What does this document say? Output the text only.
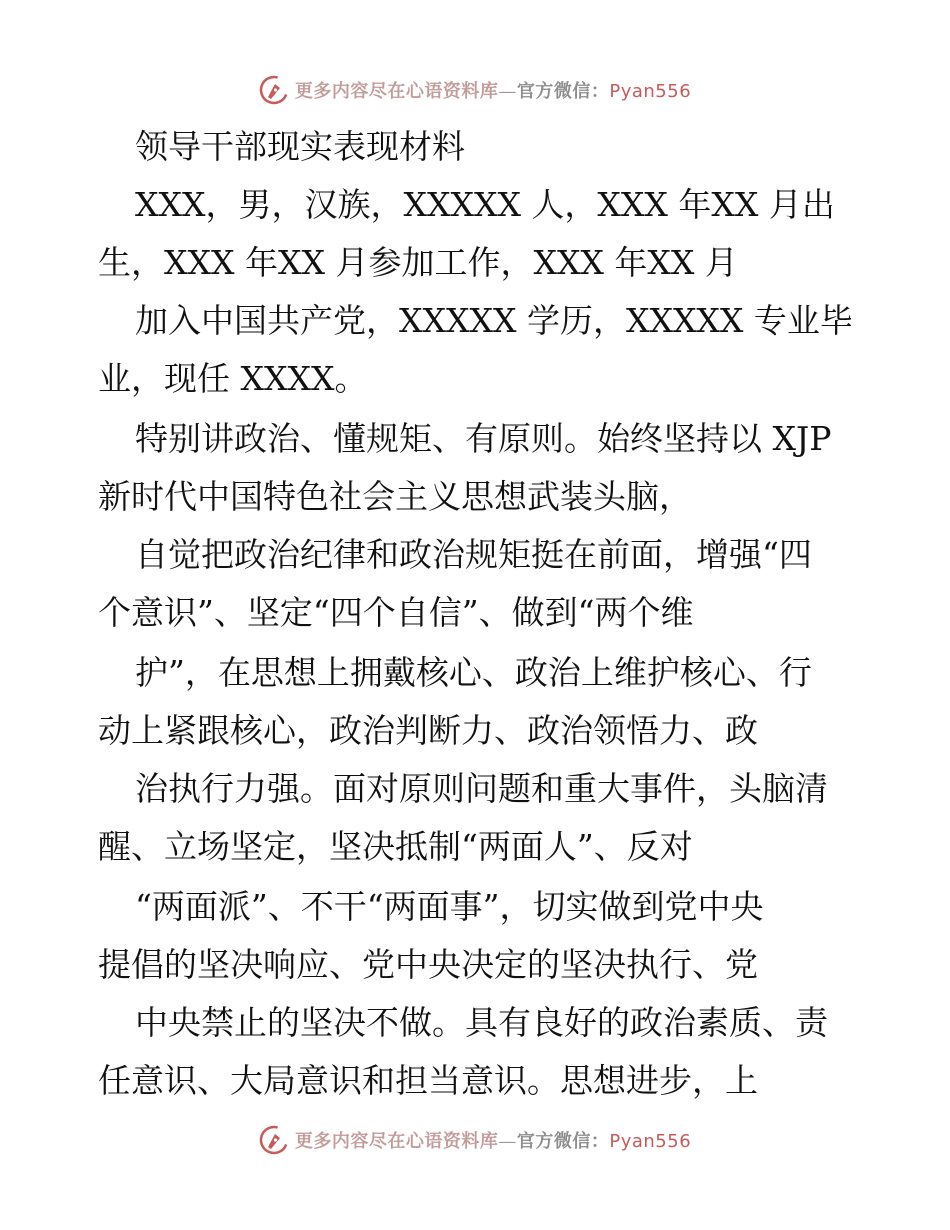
更多内容尽在心语资料库—官方微信：Pyan556
领导干部现实表现材料
XXX，男，汉族，XXXXX 人，XXX 年XX 月出
生，XXX 年XX 月参加工作，XXX 年XX 月
加入中国共产党，XXXXX 学历，XXXXX 专业毕
业，现任 XXXX。
特别讲政治、懂规矩、有原则。始终坚持以 XJP
新时代中国特色社会主义思想武装头脑，
自觉把政治纪律和政治规矩挺在前面，增强“四
个意识”、坚定“四个自信”、做到“两个维
护”，在思想上拥戴核心、政治上维护核心、行
动上紧跟核心，政治判断力、政治领悟力、政
治执行力强。面对原则问题和重大事件，头脑清
醒、立场坚定，坚决抵制“两面人”、反对
“两面派”、不干“两面事”，切实做到党中央
提倡的坚决响应、党中央决定的坚决执行、党
中央禁止的坚决不做。具有良好的政治素质、责
任意识、大局意识和担当意识。思想进步，上
更多内容尽在心语资料库—官方微信：Pyan556
